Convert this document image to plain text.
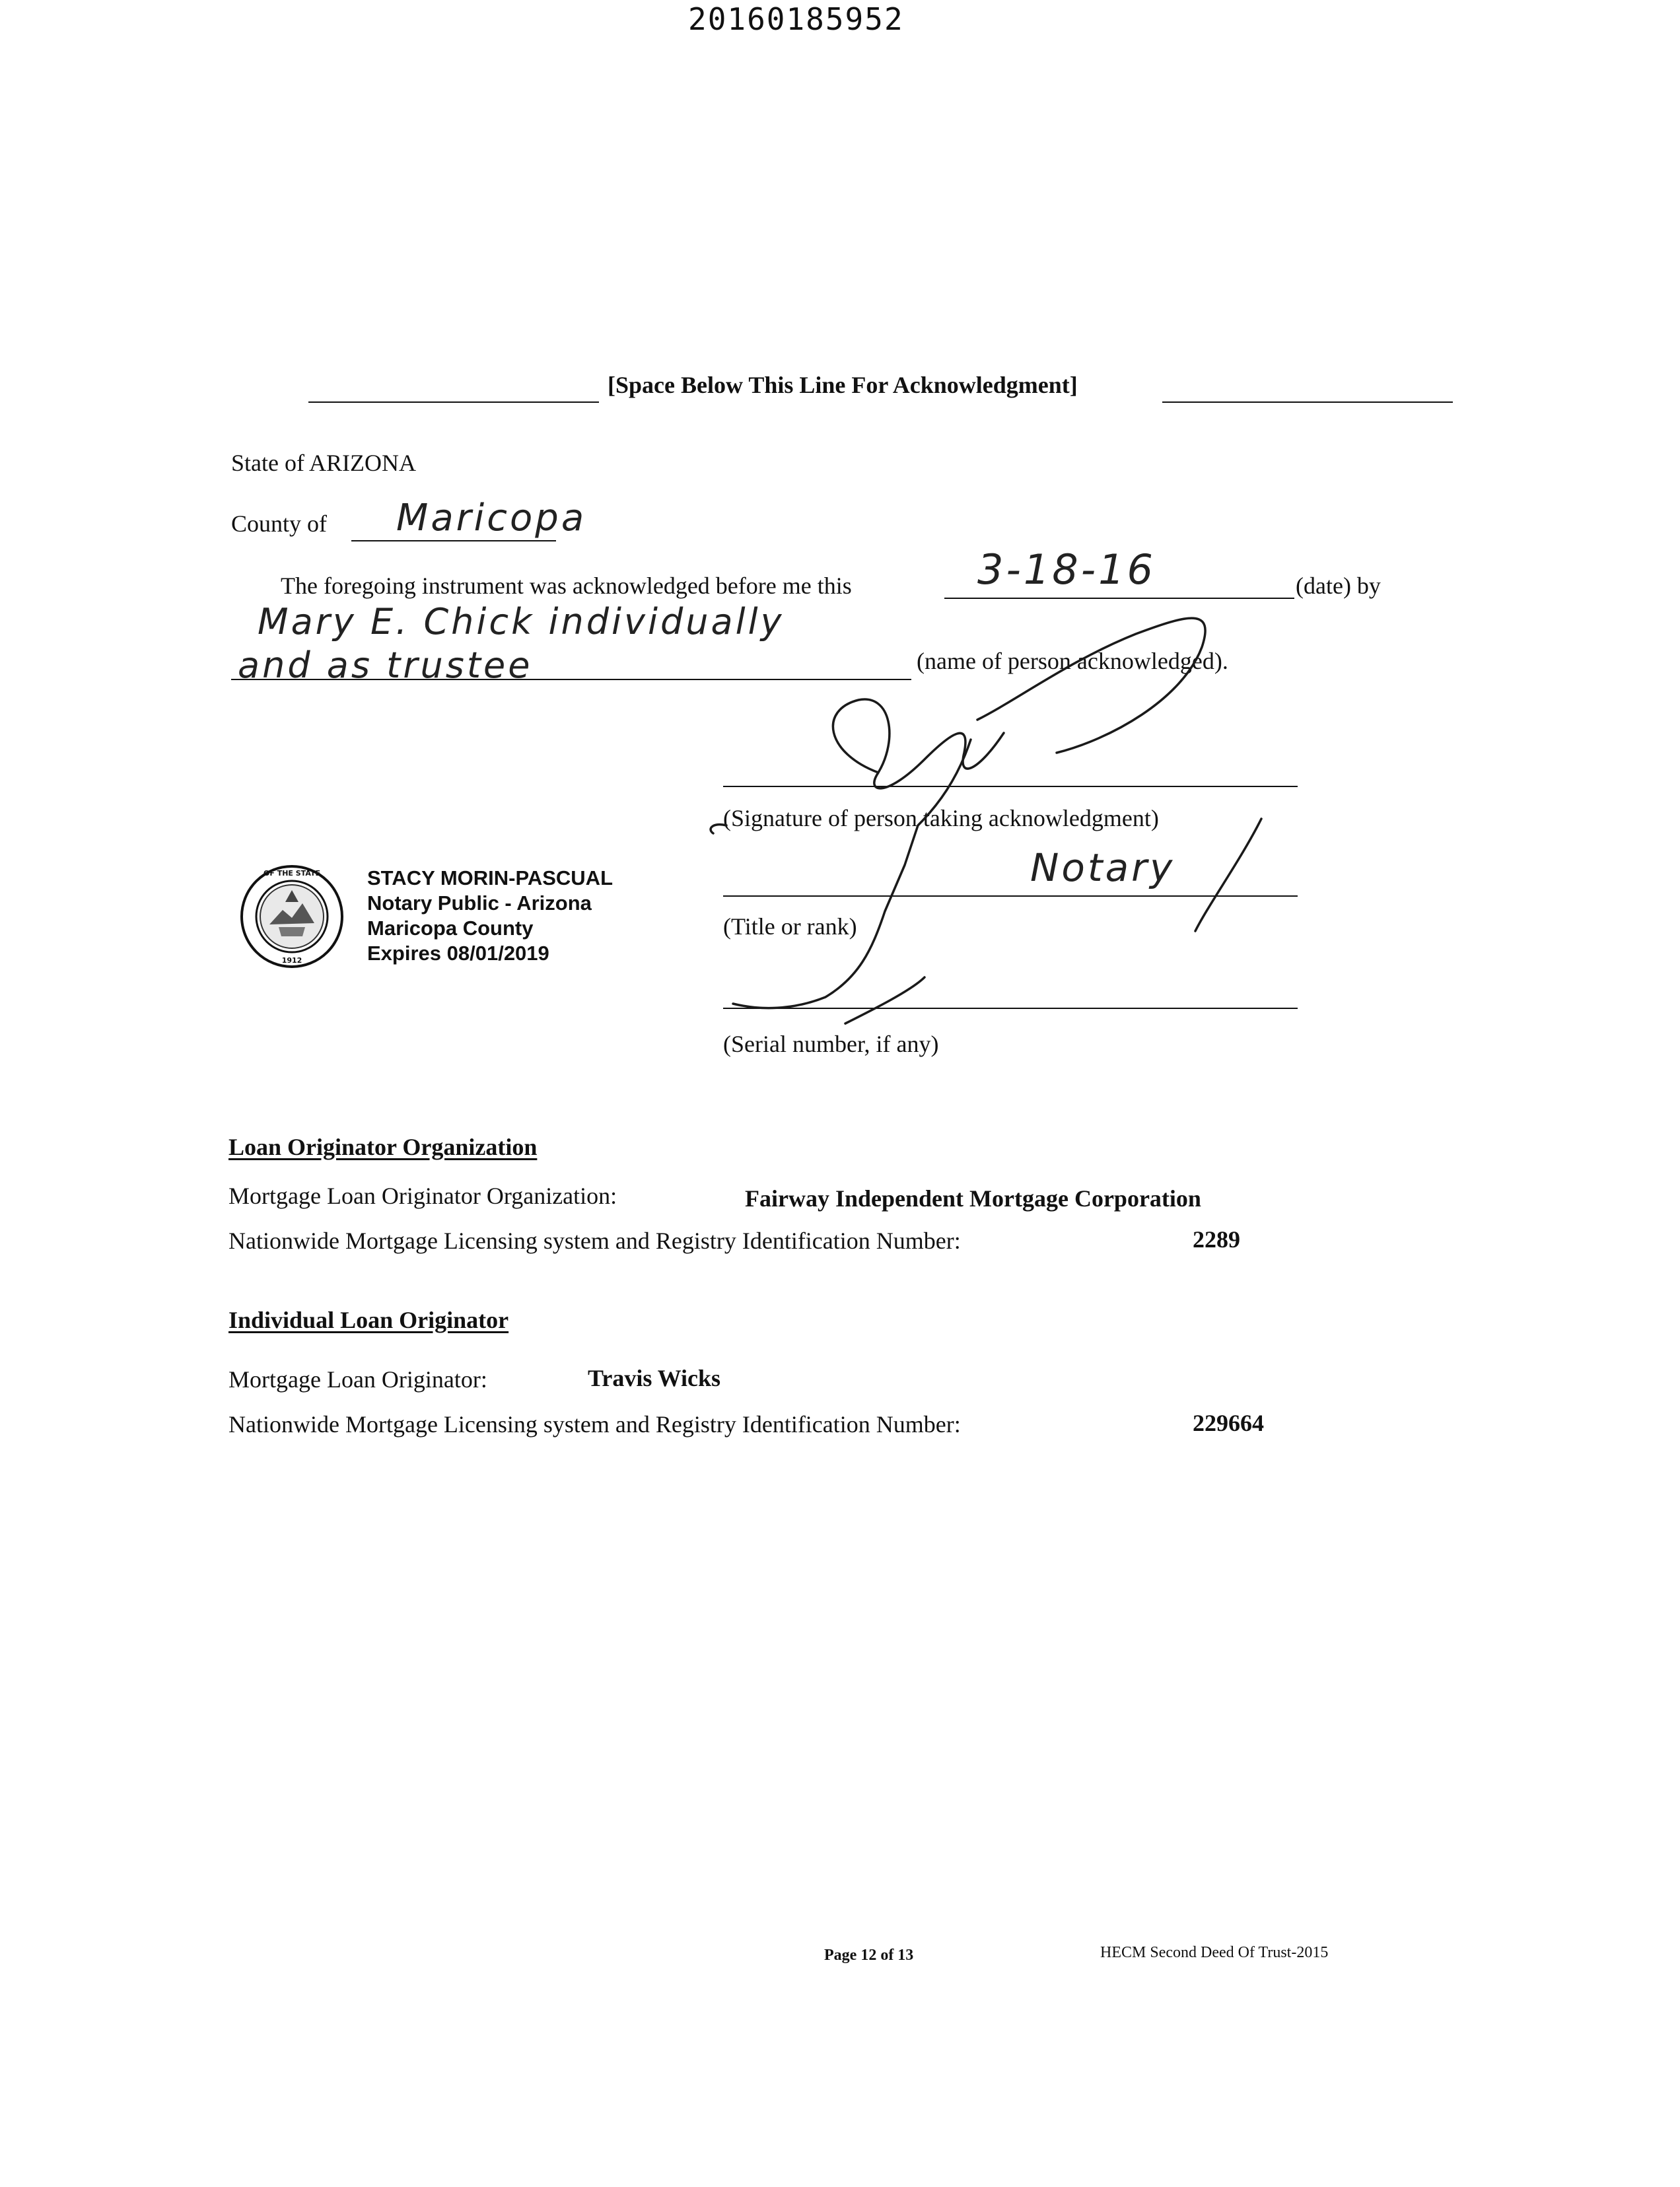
20160185952
[Space Below This Line For Acknowledgment]
State of ARIZONA
County of Maricopa
The foregoing instrument was acknowledged before me this	3-18-16	(date) by
Mary E. Chick individually
and as trustee	(name of person acknowledged).
(Signature of person taking acknowledgment)
Notary
(Title or rank)
(Serial number, if any)
OF THE STATE
1912
STACY MORIN-PASCUAL
Notary Public - Arizona
Maricopa County
Expires 08/01/2019
Loan Originator Organization
Mortgage Loan Originator Organization:	Fairway Independent Mortgage Corporation
Nationwide Mortgage Licensing system and Registry Identification Number:	2289
Individual Loan Originator
Mortgage Loan Originator:	Travis Wicks
Nationwide Mortgage Licensing system and Registry Identification Number:	229664
Page 12 of 13	HECM Second Deed Of Trust-2015
